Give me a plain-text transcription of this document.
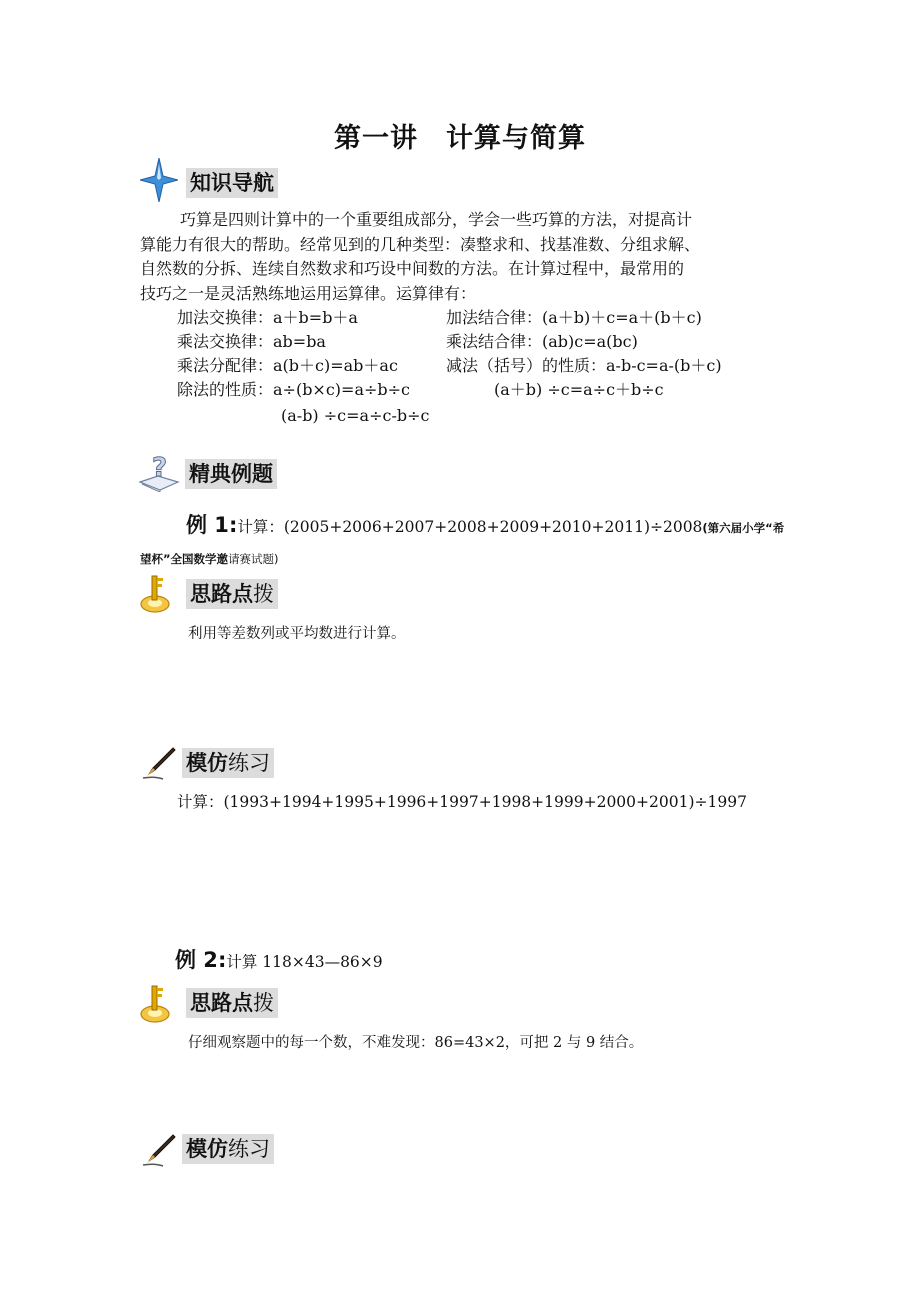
第一讲　计算与简算
知识导航
巧算是四则计算中的一个重要组成部分，学会一些巧算的方法，对提高计
算能力有很大的帮助。经常见到的几种类型：凑整求和、找基准数、分组求解、
自然数的分拆、连续自然数求和巧设中间数的方法。在计算过程中，最常用的
技巧之一是灵活熟练地运用运算律。运算律有：
加法交换律：a＋b=b＋a	加法结合律：(a＋b)＋c=a＋(b＋c)
乘法交换律：ab=ba	乘法结合律：(ab)c=a(bc)
乘法分配律：a(b＋c)=ab＋ac	减法（括号）的性质：a-b-c=a-(b＋c)
除法的性质：a÷(b×c)=a÷b÷c	(a＋b) ÷c=a÷c＋b÷c
(a-b) ÷c=a÷c-b÷c
? 精典例题
例 1:计算：(2005+2006+2007+2008+2009+2010+2011)÷2008(第六届小学“希
望杯”全国数学邀请赛试题)
思路点拨
利用等差数列或平均数进行计算。
模仿练习
计算：(1993+1994+1995+1996+1997+1998+1999+2000+2001)÷1997
例 2:计算 118×43—86×9
思路点拨
仔细观察题中的每一个数，不难发现：86=43×2，可把 2 与 9 结合。
模仿练习
